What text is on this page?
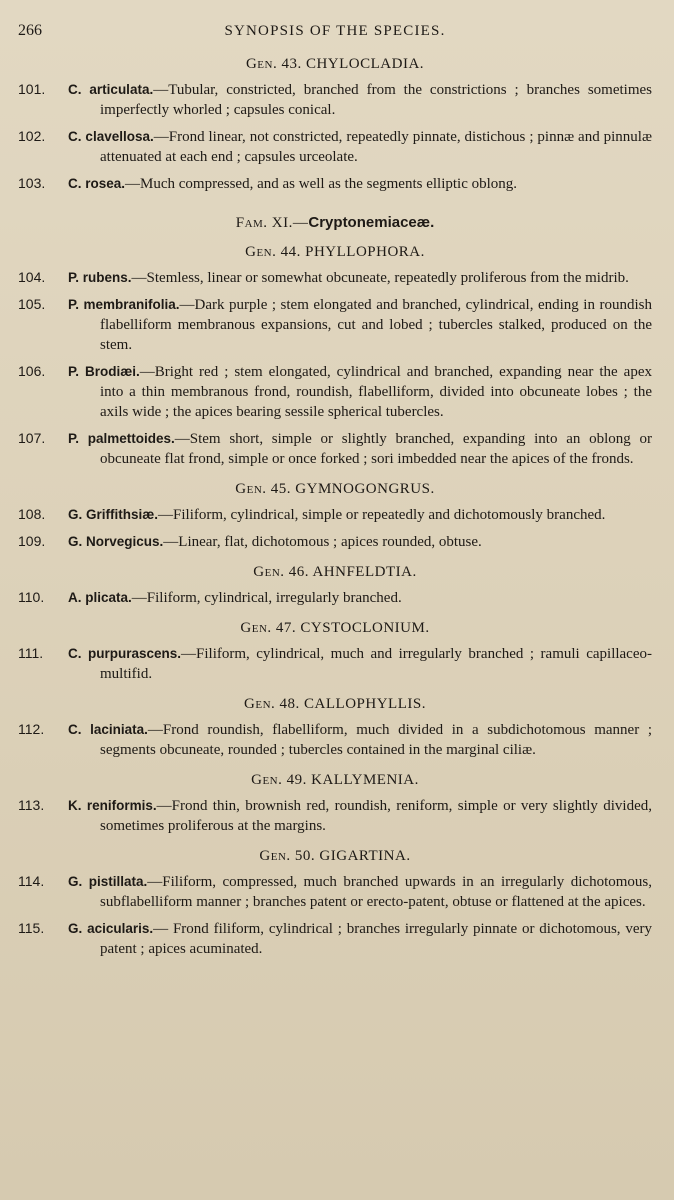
266	SYNOPSIS OF THE SPECIES.
Gen. 43. CHYLOCLADIA.

101. C. articulata.—Tubular, constricted, branched from the constrictions ; branches sometimes imperfectly whorled ; capsules conical.

102. C. clavellosa.—Frond linear, not constricted, repeatedly pinnate, distichous ; pinnæ and pinnulæ attenuated at each end ; capsules urceolate.

103. C. rosea.—Much compressed, and as well as the segments elliptic oblong.

Fam. XI.—Cryptonemiaceæ.
Gen. 44. PHYLLOPHORA.

104. P. rubens.—Stemless, linear or somewhat obcuneate, repeatedly proliferous from the midrib.

105. P. membranifolia.—Dark purple ; stem elongated and branched, cylindrical, ending in roundish flabelliform membranous expansions, cut and lobed ; tubercles stalked, produced on the stem.

106. P. Brodiæi.—Bright red ; stem elongated, cylindrical and branched, expanding near the apex into a thin membranous frond, roundish, flabelliform, divided into obcuneate lobes ; the axils wide ; the apices bearing sessile spherical tubercles.

107. P. palmettoides.—Stem short, simple or slightly branched, expanding into an oblong or obcuneate flat frond, simple or once forked ; sori imbedded near the apices of the fronds.

Gen. 45. GYMNOGONGRUS.

108. G. Griffithsiæ.—Filiform, cylindrical, simple or repeatedly and dichotomously branched.

109. G. Norvegicus.—Linear, flat, dichotomous ; apices rounded, obtuse.

Gen. 46. AHNFELDTIA.

110. A. plicata.—Filiform, cylindrical, irregularly branched.

Gen. 47. CYSTOCLONIUM.

111. C. purpurascens.—Filiform, cylindrical, much and irregularly branched ; ramuli capillaceo-multifid.

Gen. 48. CALLOPHYLLIS.

112. C. laciniata.—Frond roundish, flabelliform, much divided in a subdichotomous manner ; segments obcuneate, rounded ; tubercles contained in the marginal ciliæ.

Gen. 49. KALLYMENIA.

113. K. reniformis.—Frond thin, brownish red, roundish, reniform, simple or very slightly divided, sometimes proliferous at the margins.

Gen. 50. GIGARTINA.

114. G. pistillata.—Filiform, compressed, much branched upwards in an irregularly dichotomous, subflabelliform manner ; branches patent or erecto-patent, obtuse or flattened at the apices.

115. G. acicularis.— Frond filiform, cylindrical ; branches irregularly pinnate or dichotomous, very patent ; apices acuminated.
